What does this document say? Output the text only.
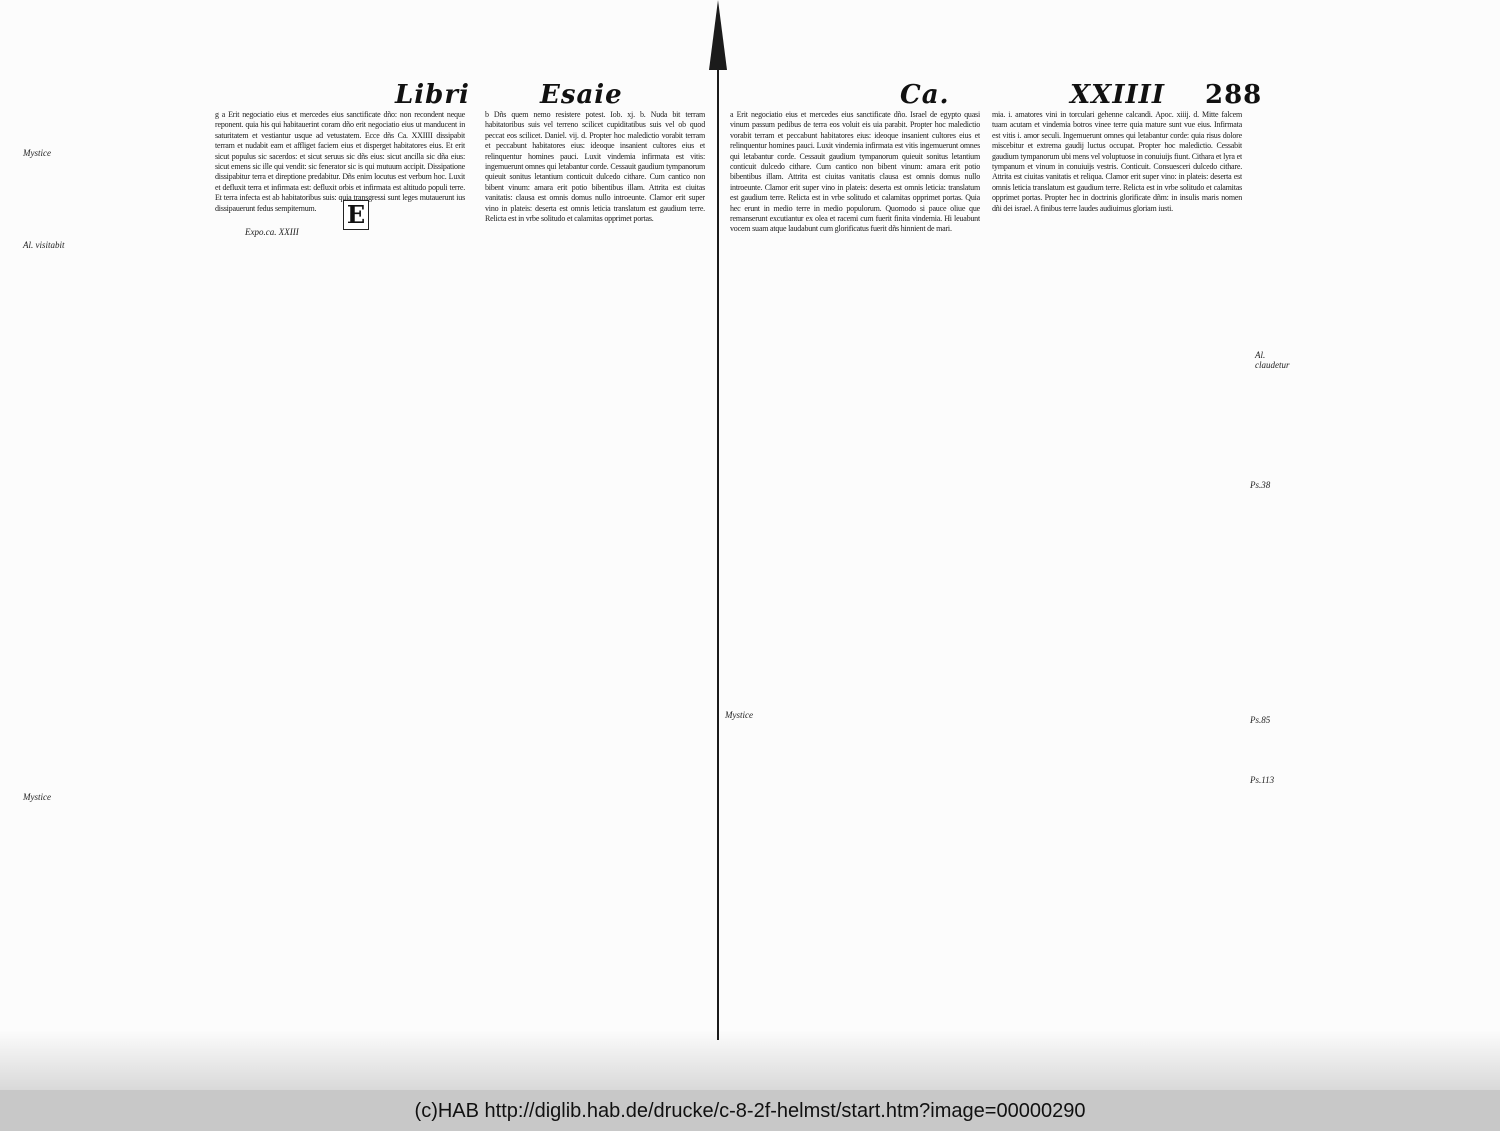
Libri	Esaie
Mystice
Al. visitabit
Mystice
Expo.ca. XXIII
E
g a Erit negociatio eius et mercedes eius sanctificate dño: non recondent neque reponent. quia his qui habitauerint coram dño erit negociatio eius ut manducent in saturitatem et vestiantur usque ad vetustatem. Ecce dñs Ca. XXIIII dissipabit terram et nudabit eam et affliget faciem eius et disperget habitatores eius. Et erit sicut populus sic sacerdos: et sicut seruus sic dñs eius: sicut ancilla sic dña eius: sicut emens sic ille qui vendit: sic fenerator sic is qui mutuum accipit. Dissipatione dissipabitur terra et direptione predabitur. Dñs enim locutus est verbum hoc. Luxit et defluxit terra et infirmata est: defluxit orbis et infirmata est altitudo populi terre. Et terra infecta est ab habitatoribus suis: quia transgressi sunt leges mutauerunt ius dissipauerunt fedus sempiternum.
b Dñs quem nemo resistere potest. Iob. xj. b. Nuda bit terram habitatoribus suis vel terreno scilicet cupiditatibus suis vel ob quod peccat eos scilicet. Daniel. vij. d. Propter hoc maledictio vorabit terram et peccabunt habitatores eius: ideoque insanient cultores eius et relinquentur homines pauci. Luxit vindemia infirmata est vitis: ingemuerunt omnes qui letabantur corde. Cessauit gaudium tympanorum quieuit sonitus letantium conticuit dulcedo cithare. Cum cantico non bibent vinum: amara erit potio bibentibus illam. Attrita est ciuitas vanitatis: clausa est omnis domus nullo introeunte. Clamor erit super vino in plateis: deserta est omnis leticia translatum est gaudium terre. Relicta est in vrbe solitudo et calamitas opprimet portas.
Ca.	XXIIII 288
Mystice
Al. claudetur
Ps.38
Ps.85
Ps.113
a Erit negociatio eius et mercedes eius sanctificate dño. Israel de egypto quasi vinum passum pedibus de terra eos voluit eis uia parabit. Propter hoc maledictio vorabit terram et peccabunt habitatores eius: ideoque insanient cultores eius et relinquentur homines pauci. Luxit vindemia infirmata est vitis ingemuerunt omnes qui letabantur corde. Cessauit gaudium tympanorum quieuit sonitus letantium conticuit dulcedo cithare. Cum cantico non bibent vinum: amara erit potio bibentibus illam. Attrita est ciuitas vanitatis clausa est omnis domus nullo introeunte. Clamor erit super vino in plateis: deserta est omnis leticia: translatum est gaudium terre. Relicta est in vrbe solitudo et calamitas opprimet portas. Quia hec erunt in medio terre in medio populorum. Quomodo si pauce oliue que remanserunt excutiantur ex olea et racemi cum fuerit finita vindemia. Hi leuabunt vocem suam atque laudabunt cum glorificatus fuerit dñs hinnient de mari.
mia. i. amatores vini in torculari gehenne calcandi. Apoc. xiiij. d. Mitte falcem tuam acutam et vindemia botros vinee terre quia mature sunt vue eius. Infirmata est vitis i. amor seculi. Ingemuerunt omnes qui letabantur corde: quia risus dolore miscebitur et extrema gaudij luctus occupat. Propter hoc maledictio. Cessabit gaudium tympanorum ubi mens vel voluptuose in conuiuijs fiunt. Cithara et lyra et tympanum et vinum in conuiuijs vestris. Conticuit. Consuesceri dulcedo cithare. Attrita est ciuitas vanitatis et reliqua. Clamor erit super vino: in plateis: deserta est omnis leticia translatum est gaudium terre. Relicta est in vrbe solitudo et calamitas opprimet portas. Propter hec in doctrinis glorificate dñm: in insulis maris nomen dñi dei israel. A finibus terre laudes audiuimus gloriam iusti.
(c)HAB http://diglib.hab.de/drucke/c-8-2f-helmst/start.htm?image=00000290
